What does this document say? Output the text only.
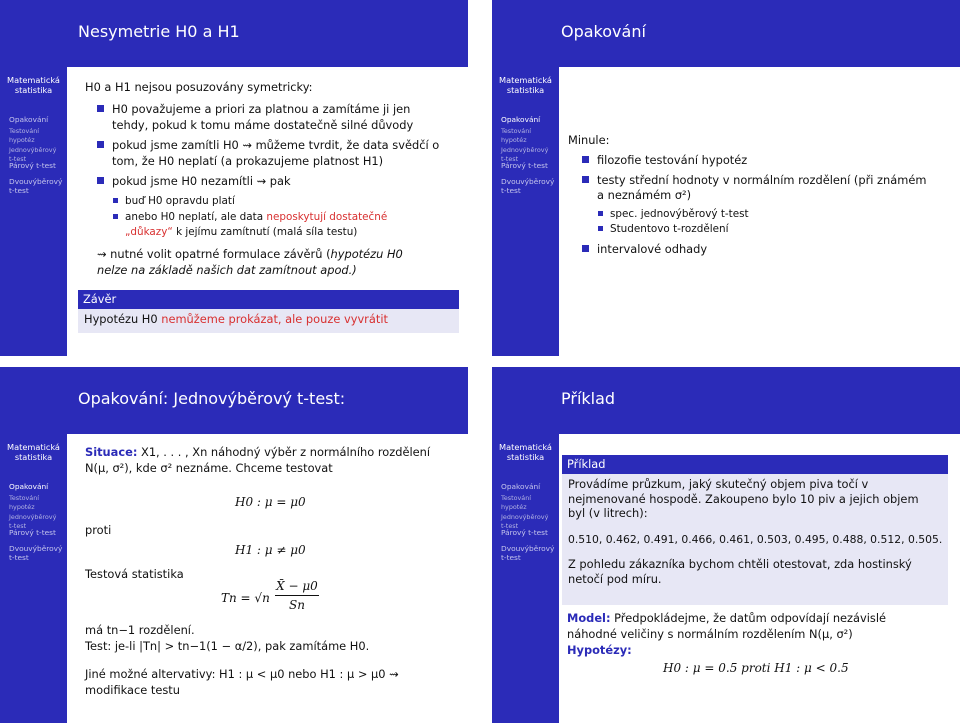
Nesymetrie H0 a H1
Matematická
statistika
Opakování
Testování
hypotéz
Jednovýběrový
t-test
Párový t-test
Dvouvýběrový
t-test
H0 a H1 nejsou posuzovány symetricky:
H0 považujeme a priori za platnou a zamítáme ji jen
tehdy, pokud k tomu máme dostatečně silné důvody
pokud jsme zamítli H0 ⇝ můžeme tvrdit, že data svědčí o
tom, že H0 neplatí (a prokazujeme platnost H1)
pokud jsme H0 nezamítli ⇝ pak
buď H0 opravdu platí
anebo H0 neplatí, ale data neposkytují dostatečné
„důkazy“ k jejímu zamítnutí (malá síla testu)
⇝ nutné volit opatrné formulace závěrů (hypotézu H0
nelze na základě našich dat zamítnout apod.)
Závěr
Hypotézu H0 nemůžeme prokázat, ale pouze vyvrátit
Opakování
Matematická
statistika
Opakování
Testování
hypotéz
Jednovýběrový
t-test
Párový t-test
Dvouvýběrový
t-test
Minule:
filozofie testování hypotéz
testy střední hodnoty v normálním rozdělení (při známém
a neznámém σ²)
spec. jednovýběrový t-test
Studentovo t-rozdělení
intervalové odhady
Opakování: Jednovýběrový t-test:
Matematická
statistika
Opakování
Testování
hypotéz
Jednovýběrový
t-test
Párový t-test
Dvouvýběrový
t-test
Situace: X1, . . . , Xn náhodný výběr z normálního rozdělení
N(μ, σ²), kde σ² neznáme. Chceme testovat
H0 : μ = μ0
proti
H1 : μ ≠ μ0
Testová statistika
Tn = √n
X̄ − μ0
Sn
má tn−1 rozdělení.
Test: je-li |Tn| > tn−1(1 − α/2), pak zamítáme H0.
Jiné možné altervativy: H1 : μ < μ0 nebo H1 : μ > μ0 ⇝
modifikace testu
Příklad
Matematická
statistika
Opakování
Testování
hypotéz
Jednovýběrový
t-test
Párový t-test
Dvouvýběrový
t-test
Příklad
Provádíme průzkum, jaký skutečný objem piva točí v
nejmenované hospodě. Zakoupeno bylo 10 piv a jejich objem
byl (v litrech):
0.510, 0.462, 0.491, 0.466, 0.461, 0.503, 0.495, 0.488, 0.512, 0.505.
Z pohledu zákazníka bychom chtěli otestovat, zda hostinský
netočí pod míru.
Model: Předpokládejme, že datům odpovídají nezávislé
náhodné veličiny s normálním rozdělením N(μ, σ²)
Hypotézy:
H0 : μ = 0.5 proti H1 : μ < 0.5
